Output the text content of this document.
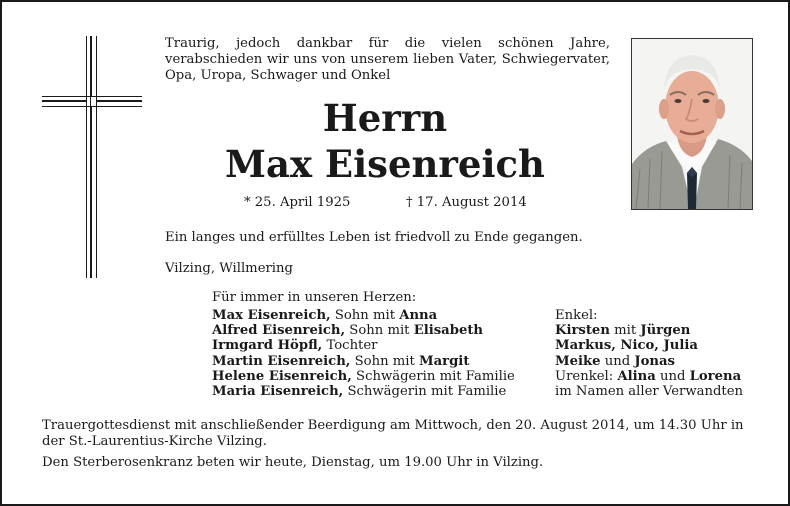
Traurig, jedoch dankbar für die vielen schönen Jahre, verabschieden wir uns von unserem lieben Vater, Schwiegervater, Opa, Uropa, Schwager und Onkel
Herrn
Max Eisenreich
* 25. April 1925	† 17. August 2014
Ein langes und erfülltes Leben ist friedvoll zu Ende gegangen.
Vilzing, Willmering
Für immer in unseren Herzen:
Max Eisenreich, Sohn mit Anna
Alfred Eisenreich, Sohn mit Elisabeth
Irmgard Höpfl, Tochter
Martin Eisenreich, Sohn mit Margit
Helene Eisenreich, Schwägerin mit Familie
Maria Eisenreich, Schwägerin mit Familie
Enkel:
Kirsten mit Jürgen
Markus, Nico, Julia
Meike und Jonas
Urenkel: Alina und Lorena
im Namen aller Verwandten
Trauergottesdienst mit anschließender Beerdigung am Mittwoch, den 20. August 2014, um 14.30 Uhr in der St.-Laurentius-Kirche Vilzing.
Den Sterberosenkranz beten wir heute, Dienstag, um 19.00 Uhr in Vilzing.
